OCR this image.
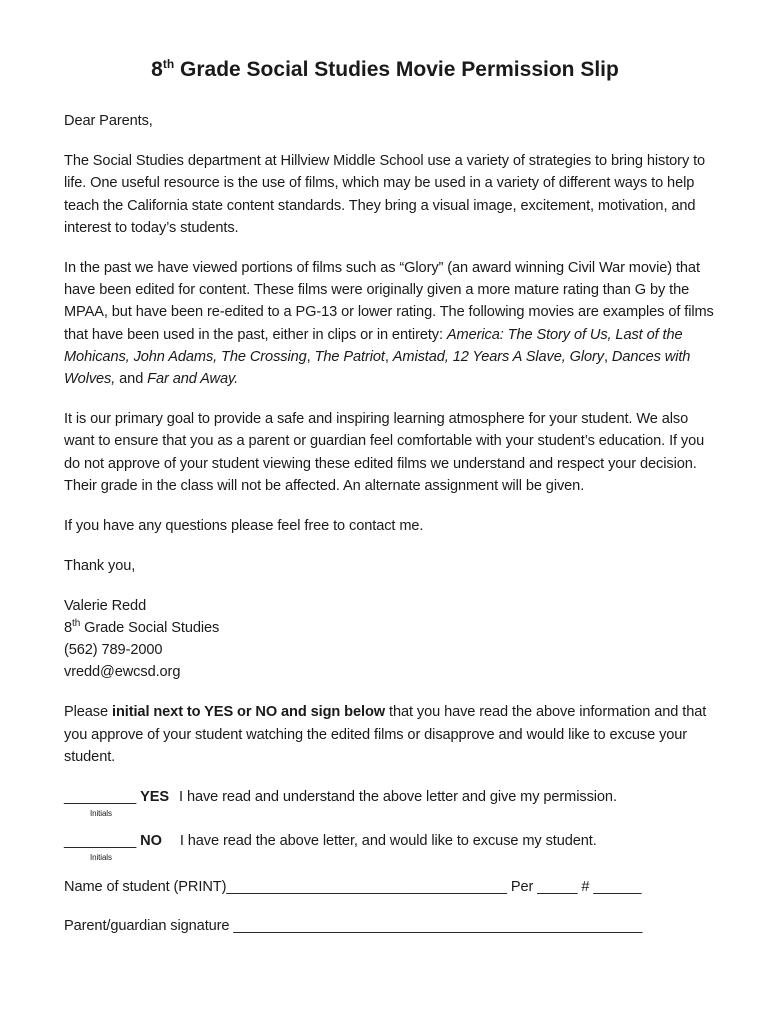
8th Grade Social Studies Movie Permission Slip

Dear Parents,

The Social Studies department at Hillview Middle School use a variety of strategies to bring history to life. One useful resource is the use of films, which may be used in a variety of different ways to help teach the California state content standards. They bring a visual image, excitement, motivation, and interest to today’s students.

In the past we have viewed portions of films such as “Glory” (an award winning Civil War movie) that have been edited for content. These films were originally given a more mature rating than G by the MPAA, but have been re-edited to a PG-13 or lower rating. The following movies are examples of films that have been used in the past, either in clips or in entirety: America: The Story of Us, Last of the Mohicans, John Adams, The Crossing, The Patriot, Amistad, 12 Years A Slave, Glory, Dances with Wolves, and Far and Away.

It is our primary goal to provide a safe and inspiring learning atmosphere for your student. We also want to ensure that you as a parent or guardian feel comfortable with your student’s education. If you do not approve of your student viewing these edited films we understand and respect your decision. Their grade in the class will not be affected. An alternate assignment will be given.

If you have any questions please feel free to contact me.

Thank you,

Valerie Redd
8th Grade Social Studies
(562) 789-2000
vredd@ewcsd.org

Please initial next to YES or NO and sign below that you have read the above information and that you approve of your student watching the edited films or disapprove and would like to excuse your student.

_________ YES I have read and understand the above letter and give my permission.
Initials
_________ NO I have read the above letter, and would like to excuse my student.
Initials

Name of student (PRINT)___________________________________ Per _____ # ______

Parent/guardian signature ___________________________________________________
